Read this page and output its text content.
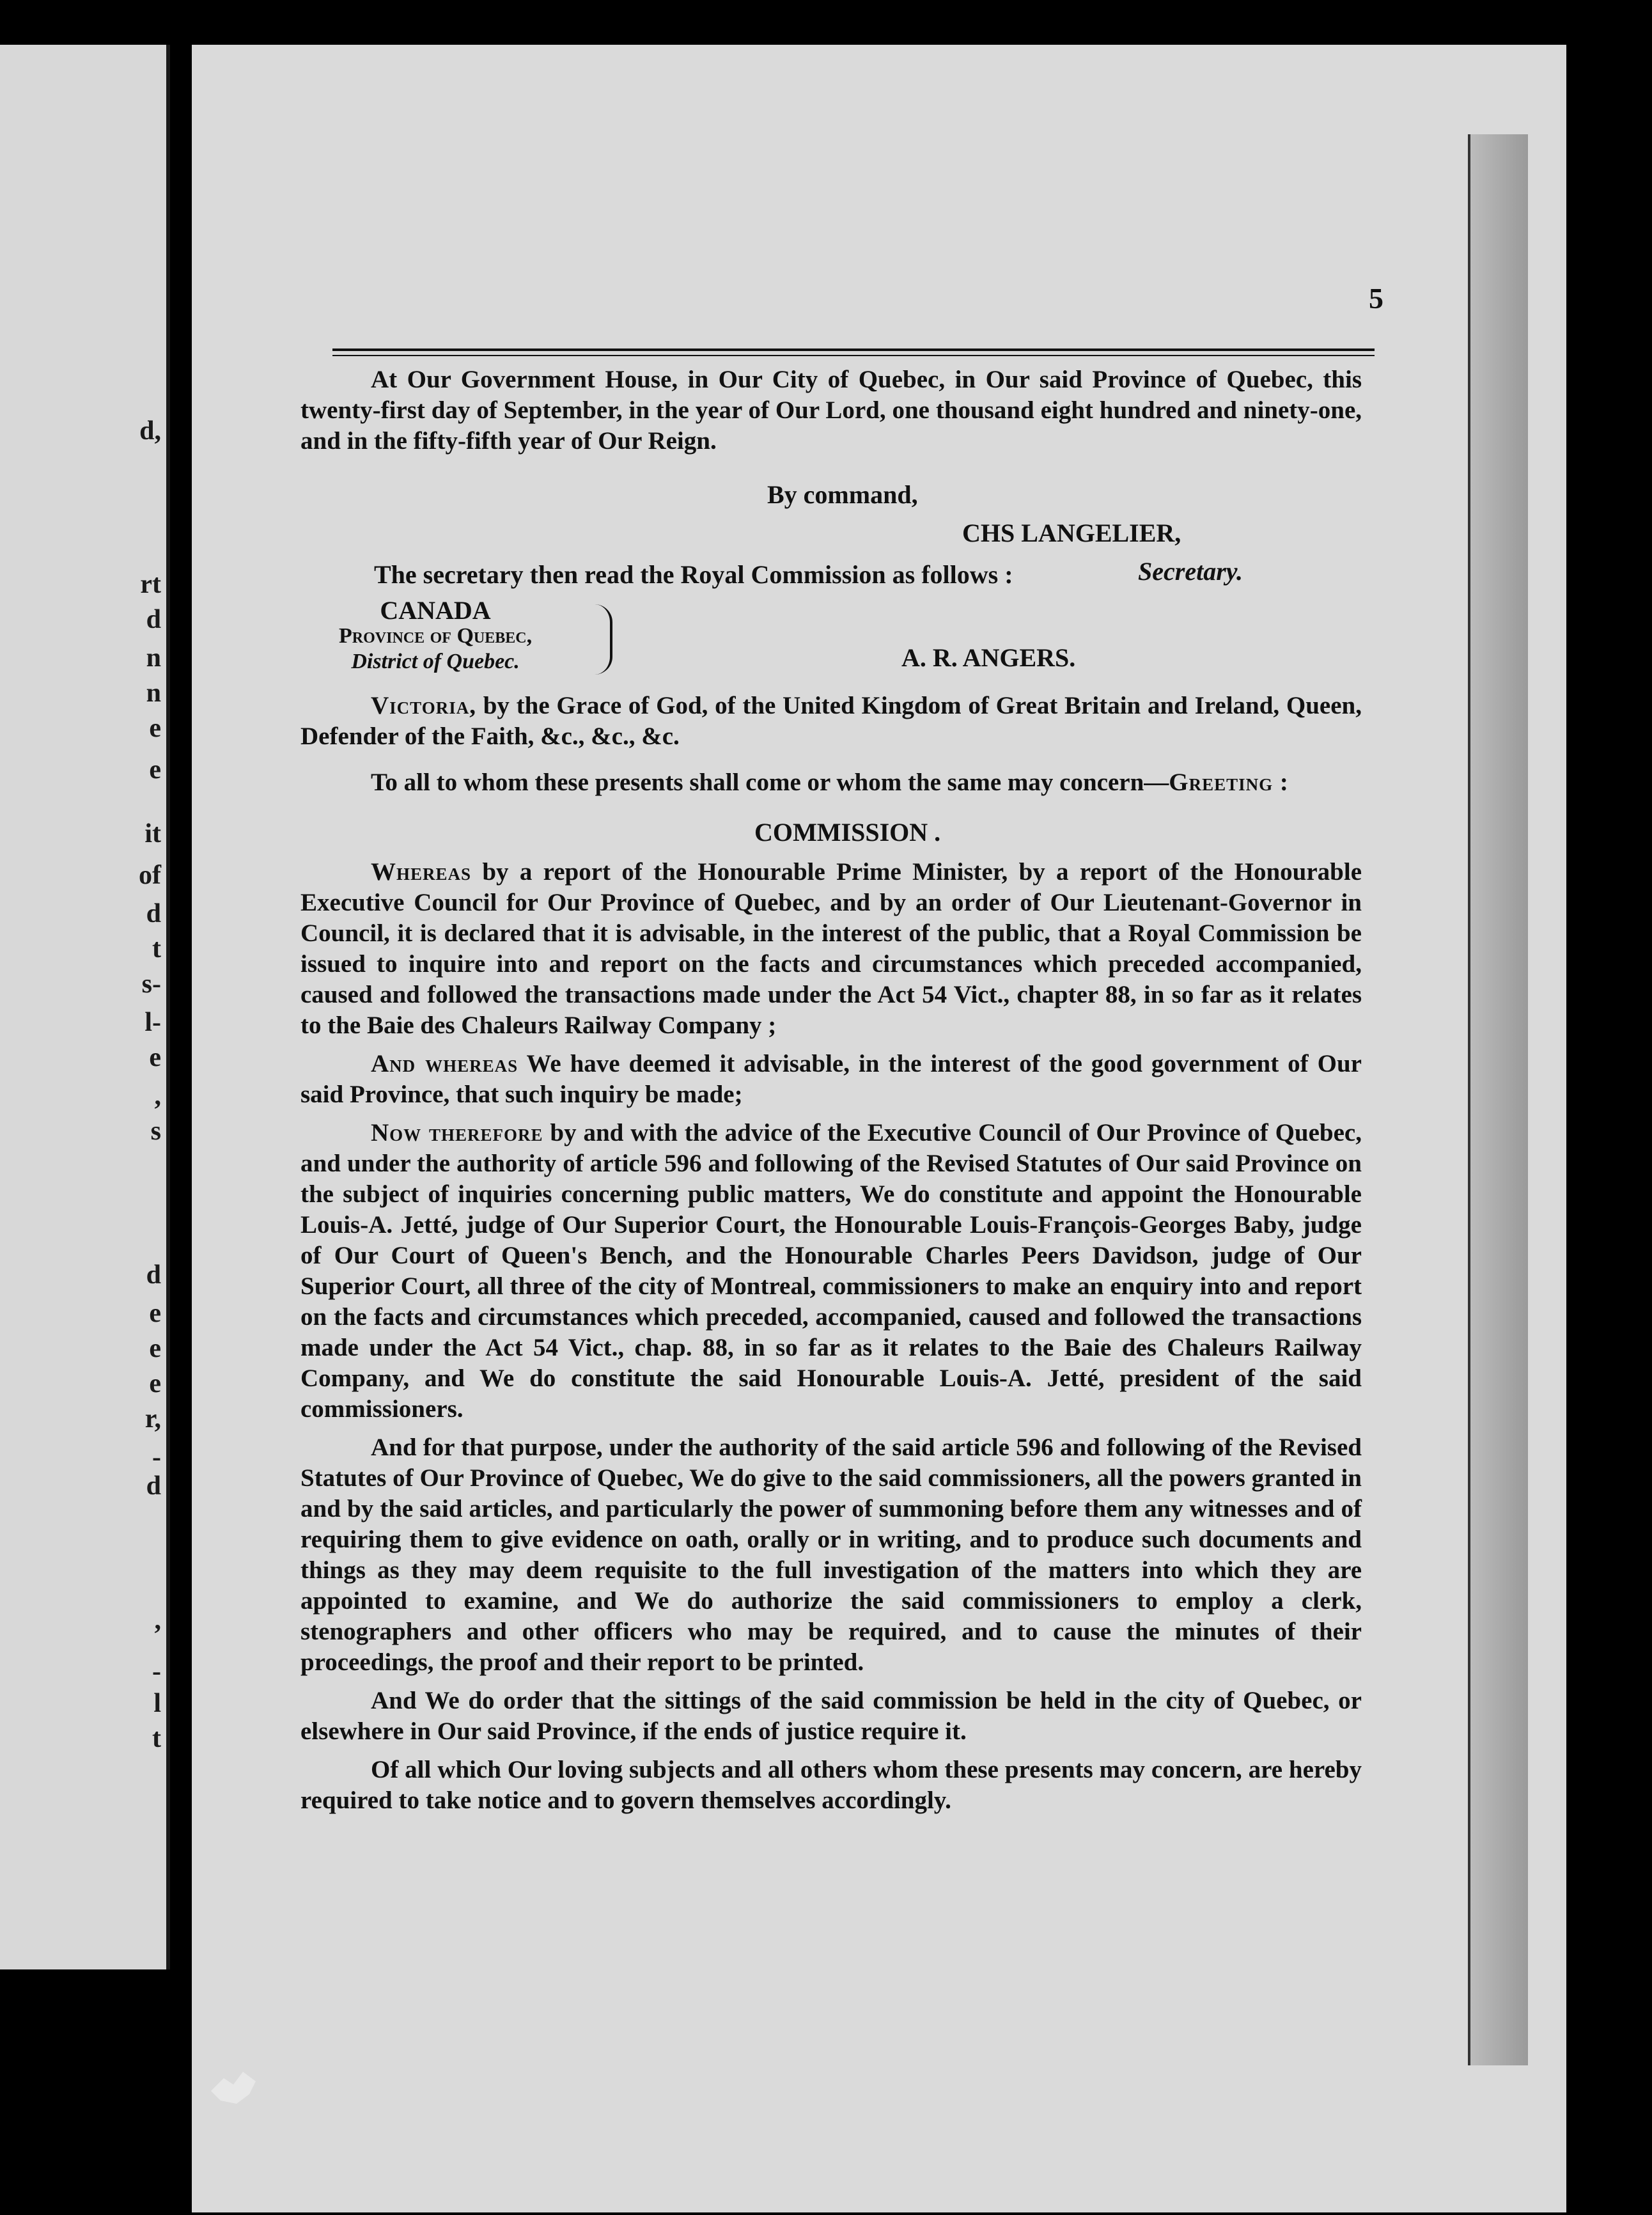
d,
rt
d
n
n
e
e
it
of
d
t
s-
l-
e
,
s
d
e
e
e
r,
-
d
,
-
l
t
5
At Our Government House, in Our City of Quebec, in Our said Province of Quebec, this twenty-first day of September, in the year of Our Lord, one thousand eight hundred and ninety-one, and in the fifty-fifth year of Our Reign.
By command,
CHS LANGELIER,
Secretary.
The secretary then read the Royal Commission as follows :
CANADA
Province of Quebec,
District of Quebec.	A. R. ANGERS.
Victoria, by the Grace of God, of the United Kingdom of Great Britain and Ireland, Queen, Defender of the Faith, &c., &c., &c.
To all to whom these presents shall come or whom the same may concern—Greeting :
COMMISSION .

Whereas by a report of the Honourable Prime Minister, by a report of the Honourable Executive Council for Our Province of Quebec, and by an order of Our Lieutenant-Governor in Council, it is declared that it is advisable, in the interest of the public, that a Royal Commission be issued to inquire into and report on the facts and circumstances which preceded accompanied, caused and followed the transactions made under the Act 54 Vict., chapter 88, in so far as it relates to the Baie des Chaleurs Railway Company ;

And whereas We have deemed it advisable, in the interest of the good government of Our said Province, that such inquiry be made;

Now therefore by and with the advice of the Executive Council of Our Province of Quebec, and under the authority of article 596 and following of the Revised Statutes of Our said Province on the subject of inquiries concerning public matters, We do constitute and appoint the Honourable Louis-A. Jetté, judge of Our Superior Court, the Honourable Louis-François-Georges Baby, judge of Our Court of Queen's Bench, and the Honourable Charles Peers Davidson, judge of Our Superior Court, all three of the city of Montreal, commissioners to make an enquiry into and report on the facts and circumstances which preceded, accompanied, caused and followed the transactions made under the Act 54 Vict., chap. 88, in so far as it relates to the Baie des Chaleurs Railway Company, and We do constitute the said Honourable Louis-A. Jetté, president of the said commissioners.

And for that purpose, under the authority of the said article 596 and following of the Revised Statutes of Our Province of Quebec, We do give to the said commissioners, all the powers granted in and by the said articles, and particularly the power of summoning before them any witnesses and of requiring them to give evidence on oath, orally or in writing, and to produce such documents and things as they may deem requisite to the full investigation of the matters into which they are appointed to examine, and We do authorize the said commissioners to employ a clerk, stenographers and other officers who may be required, and to cause the minutes of their proceedings, the proof and their report to be printed.

And We do order that the sittings of the said commission be held in the city of Quebec, or elsewhere in Our said Province, if the ends of justice require it.

Of all which Our loving subjects and all others whom these presents may concern, are hereby required to take notice and to govern themselves accordingly.
